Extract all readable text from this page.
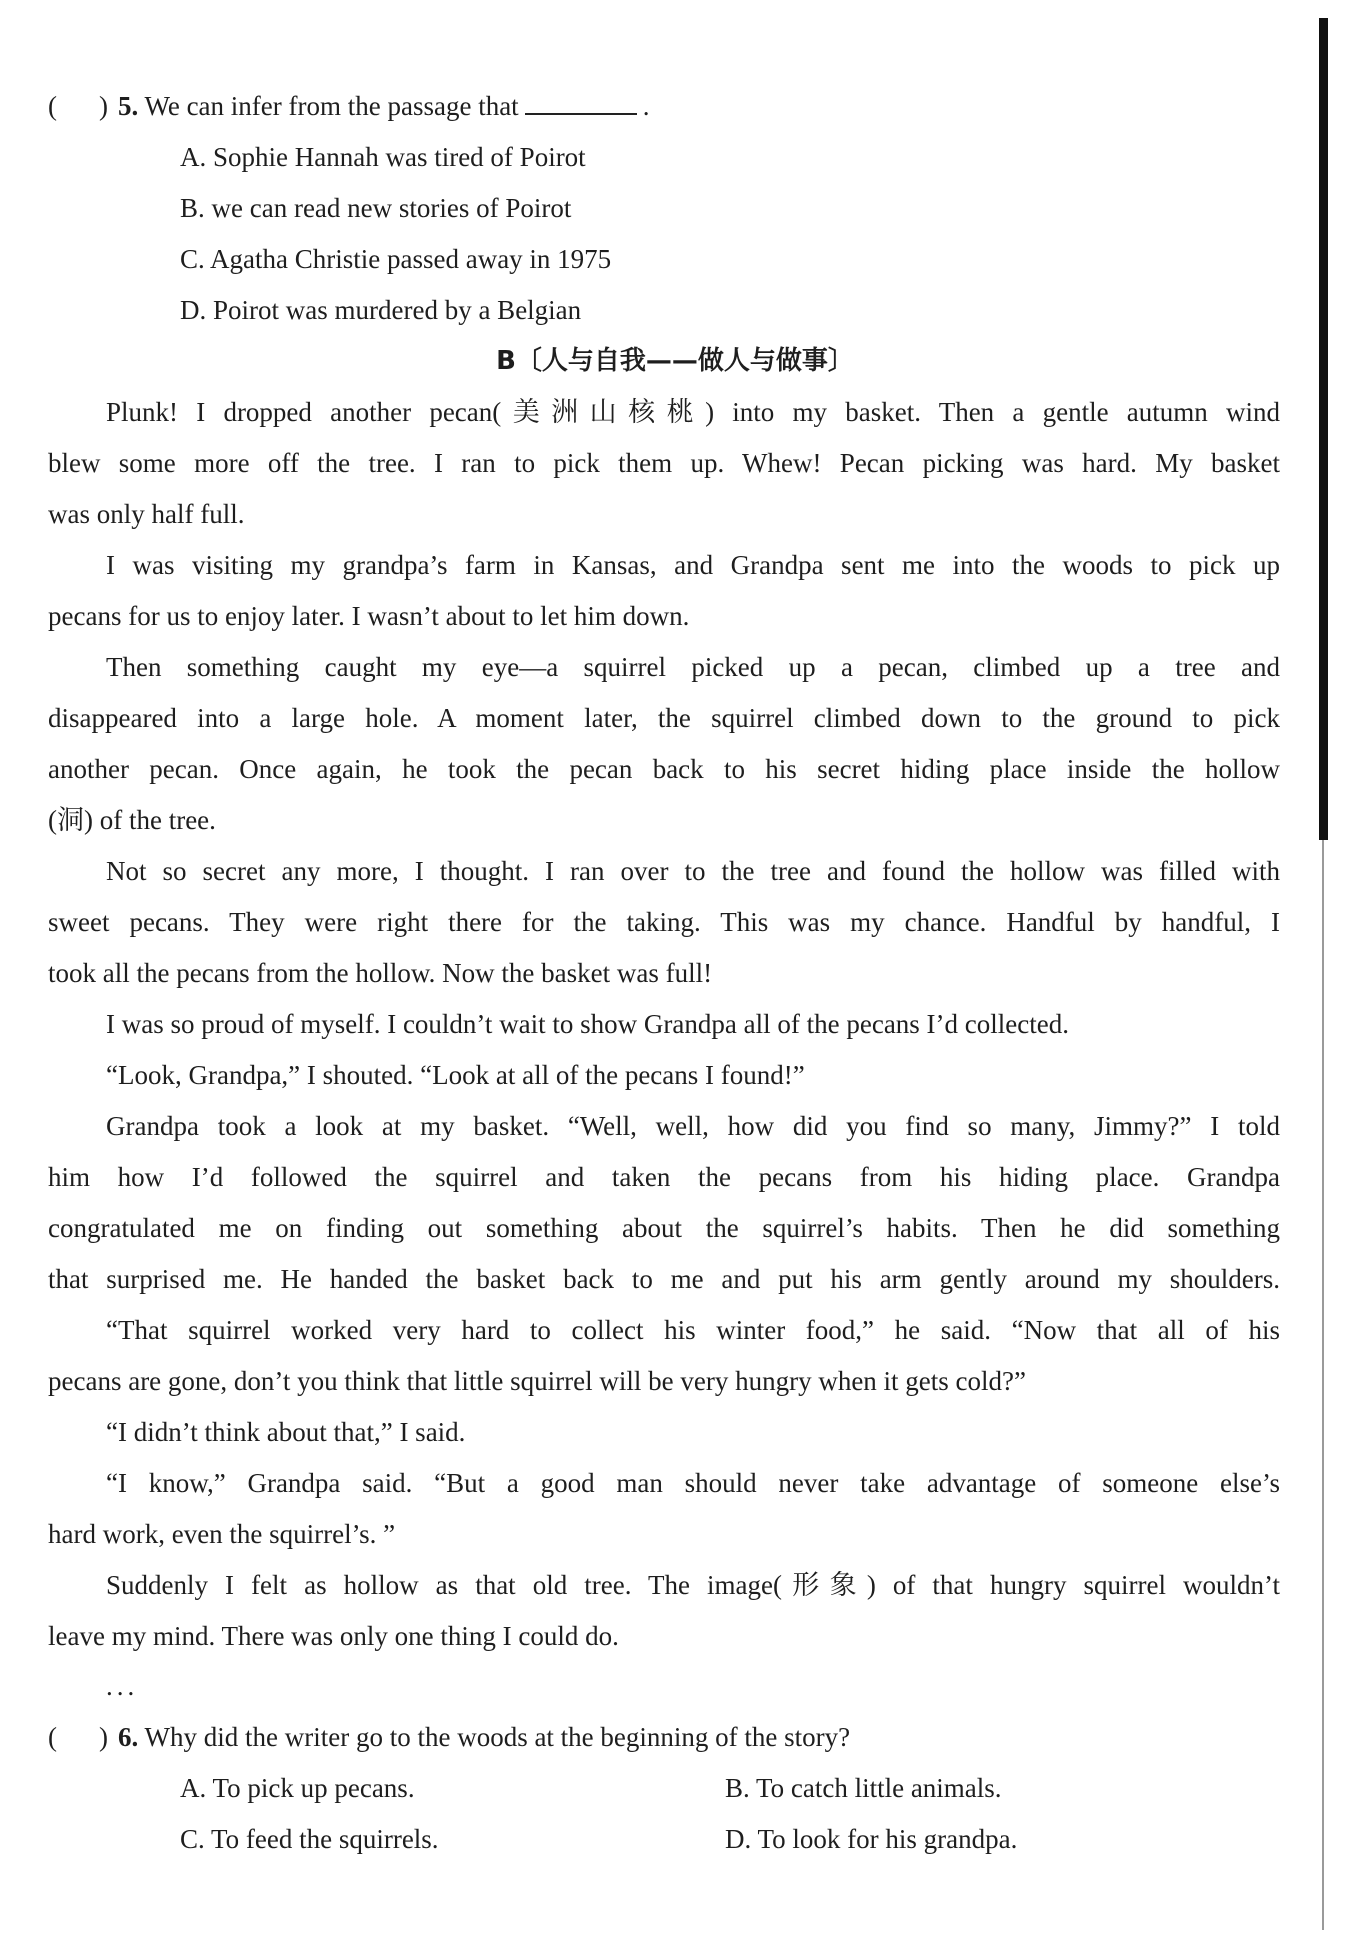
( ) 5. We can infer from the passage that	.
A. Sophie Hannah was tired of Poirot
B. we can read new stories of Poirot
C. Agatha Christie passed away in 1975
D. Poirot was murdered by a Belgian
B〔人与自我——做人与做事〕
Plunk! I dropped another pecan(美洲山核桃) into my basket. Then a gentle autumn wind
blew some more off the tree. I ran to pick them up. Whew! Pecan picking was hard. My basket
was only half full.
I was visiting my grandpa’s farm in Kansas, and Grandpa sent me into the woods to pick up
pecans for us to enjoy later. I wasn’t about to let him down.
Then something caught my eye—a squirrel picked up a pecan, climbed up a tree and
disappeared into a large hole. A moment later, the squirrel climbed down to the ground to pick
another pecan. Once again, he took the pecan back to his secret hiding place inside the hollow
(洞) of the tree.
Not so secret any more, I thought. I ran over to the tree and found the hollow was filled with
sweet pecans. They were right there for the taking. This was my chance. Handful by handful, I
took all the pecans from the hollow. Now the basket was full!
I was so proud of myself. I couldn’t wait to show Grandpa all of the pecans I’d collected.
“Look, Grandpa,” I shouted. “Look at all of the pecans I found!”
Grandpa took a look at my basket. “Well, well, how did you find so many, Jimmy?” I told
him how I’d followed the squirrel and taken the pecans from his hiding place. Grandpa
congratulated me on finding out something about the squirrel’s habits. Then he did something
that surprised me. He handed the basket back to me and put his arm gently around my shoulders.
“That squirrel worked very hard to collect his winter food,” he said. “Now that all of his
pecans are gone, don’t you think that little squirrel will be very hungry when it gets cold?”
“I didn’t think about that,” I said.
“I know,” Grandpa said. “But a good man should never take advantage of someone else’s
hard work, even the squirrel’s. ”
Suddenly I felt as hollow as that old tree. The image(形象) of that hungry squirrel wouldn’t
leave my mind. There was only one thing I could do.
...
( ) 6. Why did the writer go to the woods at the beginning of the story?
A. To pick up pecans.	B. To catch little animals.
C. To feed the squirrels.	D. To look for his grandpa.
